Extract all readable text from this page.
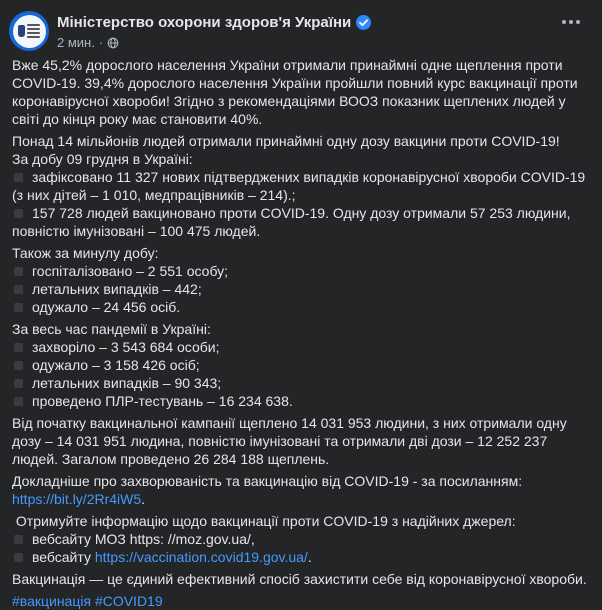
Міністерство охорони здоров'я України
2 мин. ·
Вже 45,2% дорослого населення України отримали принаймні одне щеплення проти COVID-19. 39,4% дорослого населення України пройшли повний курс вакцинації проти коронавірусної хвороби! Згідно з рекомендаціями ВООЗ показник щеплених людей у світі до кінця року має становити 40%.
Понад 14 мільйонів людей отримали принаймні одну дозу вакцини проти COVID-19!
За добу 09 грудня в Україні:
зафіксовано 11 327 нових підтверджених випадків коронавірусної хвороби COVID-19 (з них дітей – 1 010, медпрацівників – 214).;
157 728 людей вакциновано проти COVID-19. Одну дозу отримали 57 253 людини, повністю імунізовані – 100 475 людей.
Також за минулу добу:
госпіталізовано – 2 551 особу;
летальних випадків – 442;
одужало – 24 456 осіб.
За весь час пандемії в Україні:
захворіло – 3 543 684 особи;
одужало – 3 158 426 осіб;
летальних випадків – 90 343;
проведено ПЛР-тестувань – 16 234 638.
Від початку вакцинальної кампанії щеплено 14 031 953 людини, з них отримали одну дозу – 14 031 951 людина, повністю імунізовані та отримали дві дози – 12 252 237 людей. Загалом проведено 26 284 188 щеплень.
Докладніше про захворюваність та вакцинацію від COVID-19 - за посиланням: https://bit.ly/2Rr4iW5.
Отримуйте інформацію щодо вакцинації проти COVID-19 з надійних джерел:
вебсайту МОЗ https: //moz.gov.ua/,
вебсайту https://vaccination.covid19.gov.ua/.
Вакцинація — це єдиний ефективний спосіб захистити себе від коронавірусної хвороби.
#вакцинація #COVID19
